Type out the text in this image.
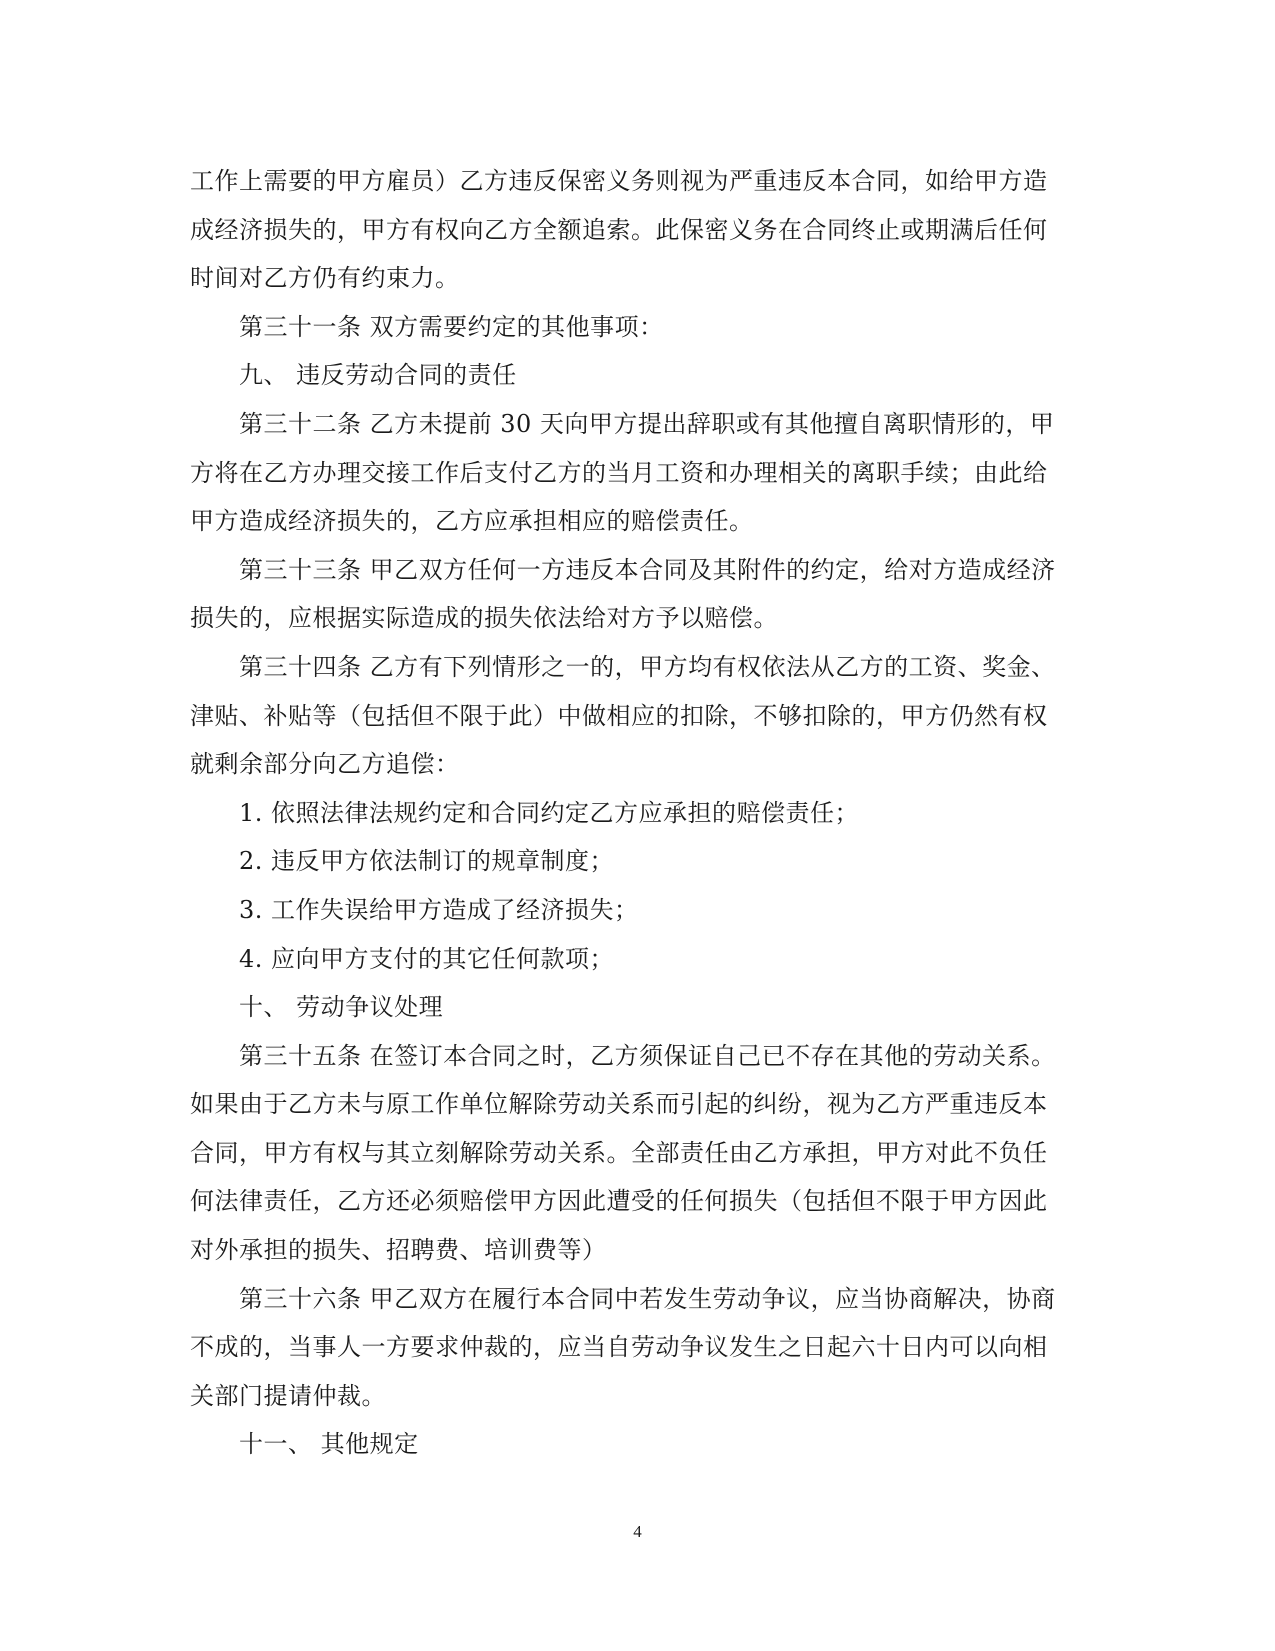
工作上需要的甲方雇员）乙方违反保密义务则视为严重违反本合同，如给甲方造
成经济损失的，甲方有权向乙方全额追索。此保密义务在合同终止或期满后任何
时间对乙方仍有约束力。
第三十一条 双方需要约定的其他事项：
九、 违反劳动合同的责任
第三十二条 乙方未提前 30 天向甲方提出辞职或有其他擅自离职情形的，甲
方将在乙方办理交接工作后支付乙方的当月工资和办理相关的离职手续；由此给
甲方造成经济损失的，乙方应承担相应的赔偿责任。
第三十三条 甲乙双方任何一方违反本合同及其附件的约定，给对方造成经济
损失的，应根据实际造成的损失依法给对方予以赔偿。
第三十四条 乙方有下列情形之一的，甲方均有权依法从乙方的工资、奖金、
津贴、补贴等（包括但不限于此）中做相应的扣除，不够扣除的，甲方仍然有权
就剩余部分向乙方追偿：
1. 依照法律法规约定和合同约定乙方应承担的赔偿责任；
2. 违反甲方依法制订的规章制度；
3. 工作失误给甲方造成了经济损失；
4. 应向甲方支付的其它任何款项；
十、 劳动争议处理
第三十五条 在签订本合同之时，乙方须保证自己已不存在其他的劳动关系。
如果由于乙方未与原工作单位解除劳动关系而引起的纠纷，视为乙方严重违反本
合同，甲方有权与其立刻解除劳动关系。全部责任由乙方承担，甲方对此不负任
何法律责任，乙方还必须赔偿甲方因此遭受的任何损失（包括但不限于甲方因此
对外承担的损失、招聘费、培训费等）
第三十六条 甲乙双方在履行本合同中若发生劳动争议，应当协商解决，协商
不成的，当事人一方要求仲裁的，应当自劳动争议发生之日起六十日内可以向相
关部门提请仲裁。
十一、 其他规定
4
